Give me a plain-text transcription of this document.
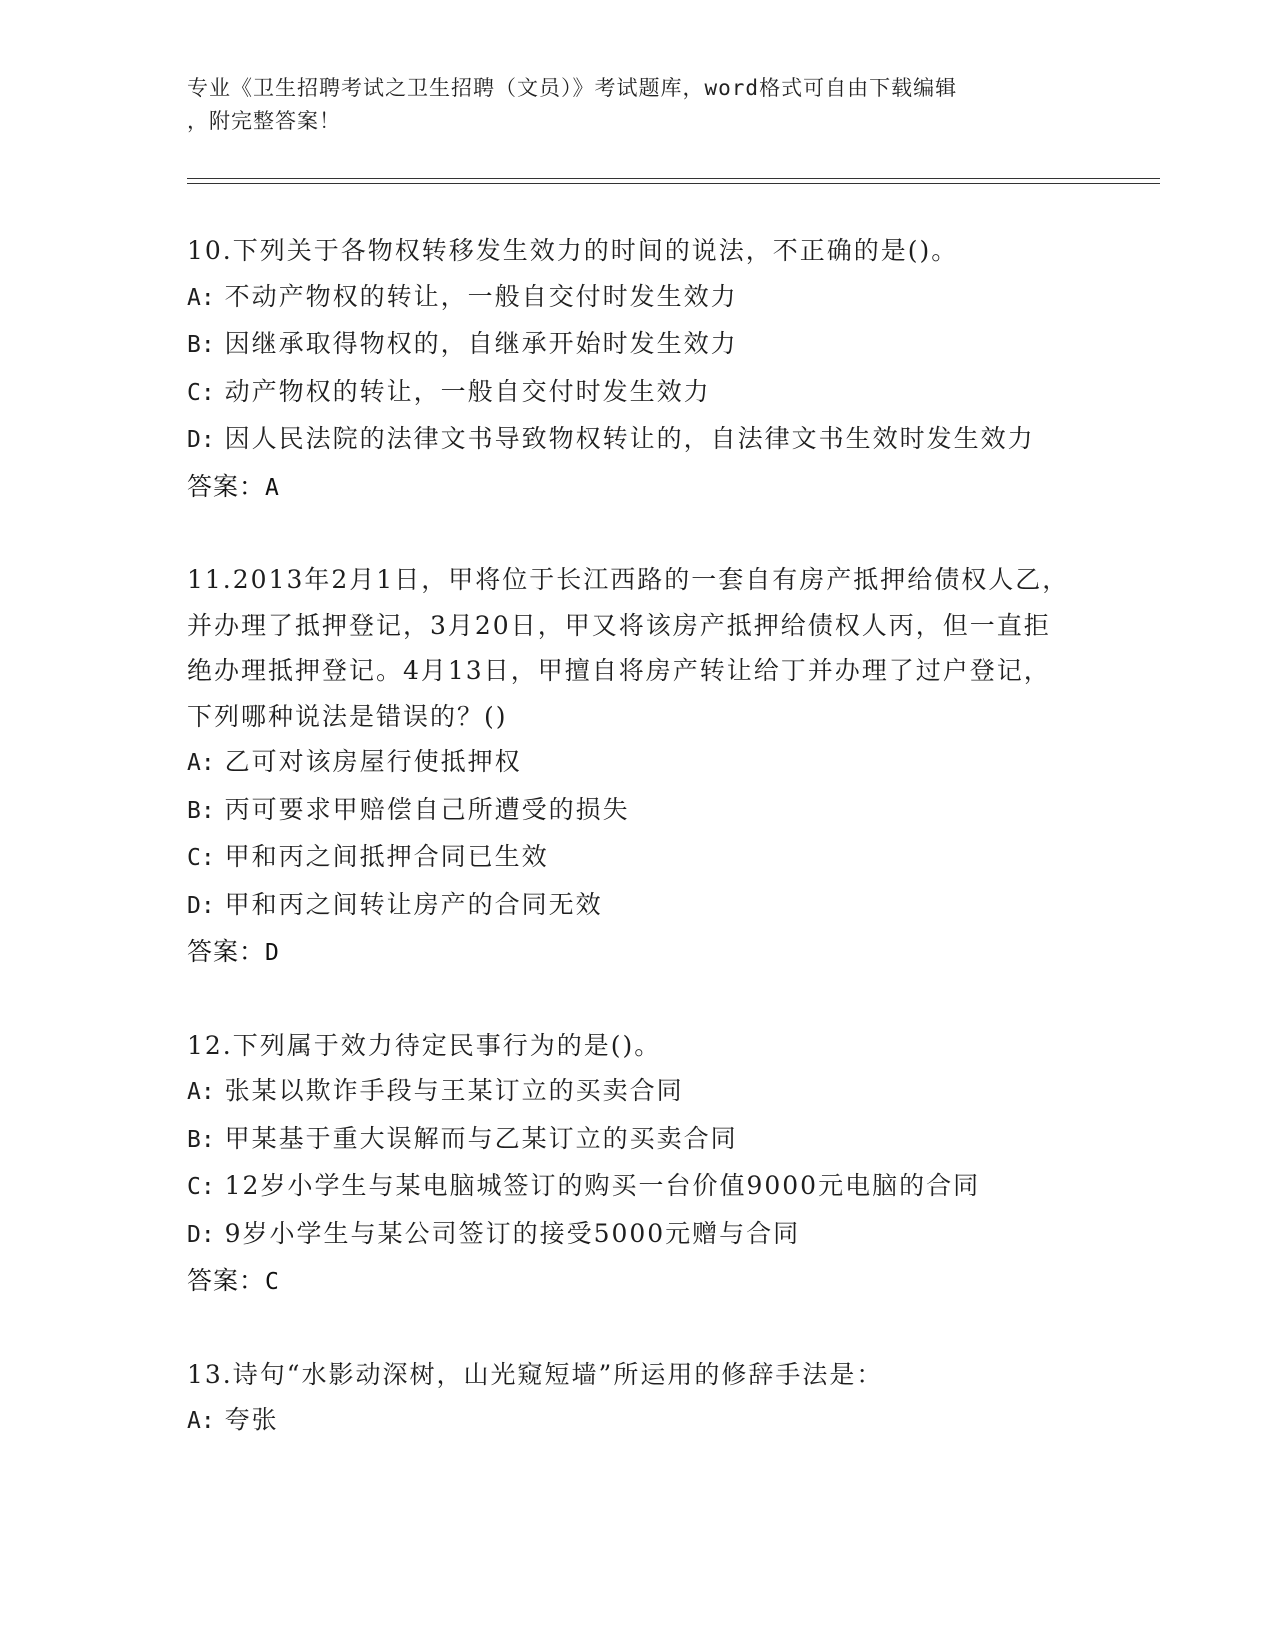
专业《卫生招聘考试之卫生招聘（文员）》考试题库，word格式可自由下载编辑
，附完整答案！
10.下列关于各物权转移发生效力的时间的说法，不正确的是()。
A: 不动产物权的转让，一般自交付时发生效力
B: 因继承取得物权的，自继承开始时发生效力
C: 动产物权的转让，一般自交付时发生效力
D: 因人民法院的法律文书导致物权转让的，自法律文书生效时发生效力
答案：A
11.2013年2月1日，甲将位于长江西路的一套自有房产抵押给债权人乙，并办理了抵押登记，3月20日，甲又将该房产抵押给债权人丙，但一直拒绝办理抵押登记。4月13日，甲擅自将房产转让给丁并办理了过户登记，下列哪种说法是错误的？()
A: 乙可对该房屋行使抵押权
B: 丙可要求甲赔偿自己所遭受的损失
C: 甲和丙之间抵押合同已生效
D: 甲和丙之间转让房产的合同无效
答案：D
12.下列属于效力待定民事行为的是()。
A: 张某以欺诈手段与王某订立的买卖合同
B: 甲某基于重大误解而与乙某订立的买卖合同
C: 12岁小学生与某电脑城签订的购买一台价值9000元电脑的合同
D: 9岁小学生与某公司签订的接受5000元赠与合同
答案：C
13.诗句“水影动深树，山光窥短墙”所运用的修辞手法是：
A: 夸张
